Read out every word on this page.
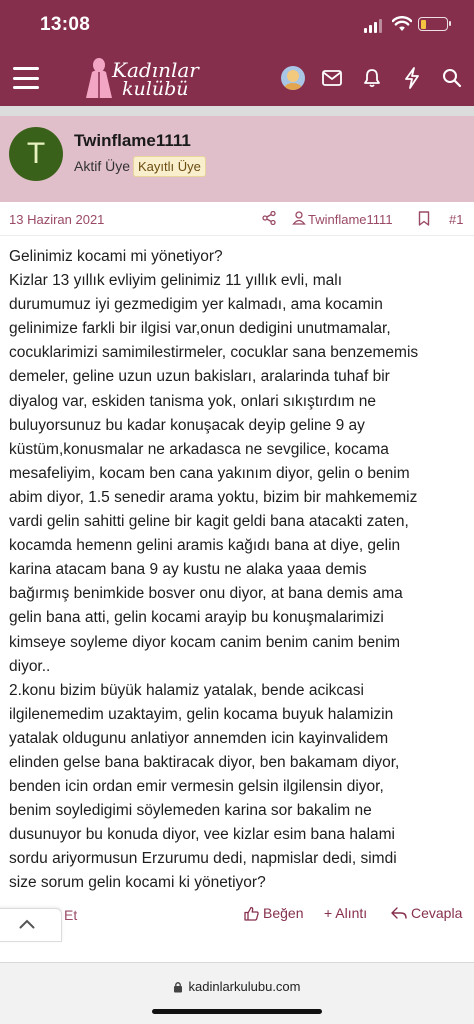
13:08
Kadınlar
kulübü
T	Twinflame1111
Aktif Üye Kayıtlı Üye
13 Haziran 2021	Twinflame1111	#1

Gelinimiz kocami mi yönetiyor?

Kizlar 13 yıllık evliyim gelinimiz 11 yıllık evli, malı

durumumuz iyi gezmedigim yer kalmadı, ama kocamin

gelinimize farkli bir ilgisi var,onun dedigini unutmamalar,

cocuklarimizi samimilestirmeler, cocuklar sana benzememis

demeler, geline uzun uzun bakisları, aralarinda tuhaf bir

diyalog var, eskiden tanisma yok, onlari sıkıştırdım ne

buluyorsunuz bu kadar konuşacak deyip geline 9 ay

küstüm,konusmalar ne arkadasca ne sevgilice, kocama

mesafeliyim, kocam ben cana yakınım diyor, gelin o benim

abim diyor, 1.5 senedir arama yoktu, bizim bir mahkememiz

vardi gelin sahitti geline bir kagit geldi bana atacakti zaten,

kocamda hemenn gelini aramis kağıdı bana at diye, gelin

karina atacam bana 9 ay kustu ne alaka yaaa demis

bağırmış benimkide bosver onu diyor, at bana demis ama

gelin bana atti, gelin kocami arayip bu konuşmalarimizi

kimseye soyleme diyor kocam canim benim canim benim

diyor..

2.konu bizim büyük halamiz yatalak, bende acikcasi

ilgilenemedim uzaktayim, gelin kocama buyuk halamizin

yatalak oldugunu anlatiyor annemden icin kayinvalidem

elinden gelse bana baktiracak diyor, ben bakamam diyor,

benden icin ordan emir vermesin gelsin ilgilensin diyor,

benim soyledigimi söylemeden karina sor bakalim ne

dusunuyor bu konuda diyor, vee kizlar esim bana halami

sordu ariyormusun Erzurumu dedi, napmislar dedi, simdi

size sorum gelin kocami ki yönetiyor?

Et	Beğen + Alıntı	Cevapla
kadinlarkulubu.com
